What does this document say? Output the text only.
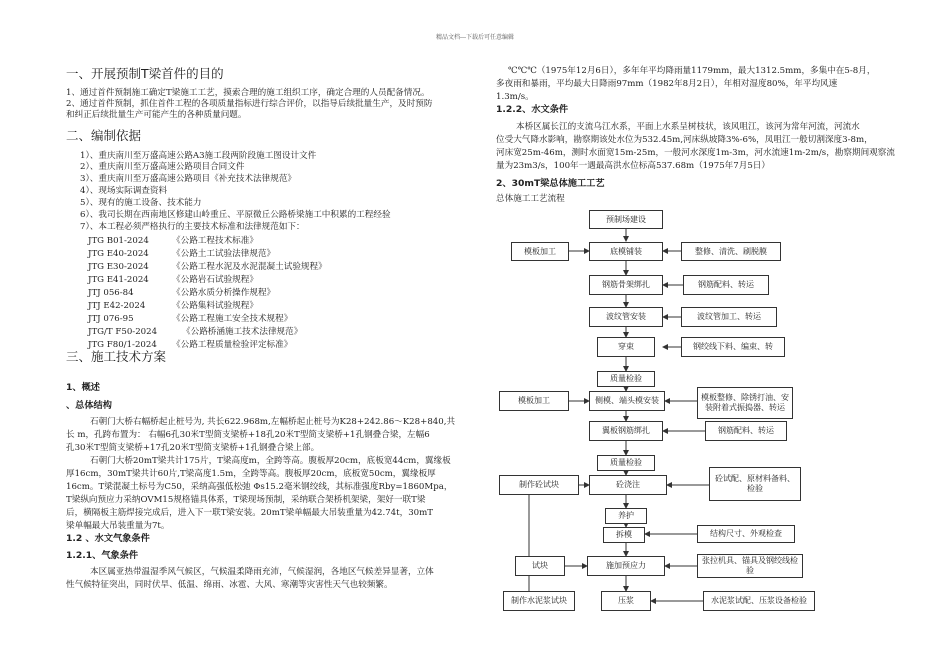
精品文档---下载后可任意编辑
一、开展预制T梁首件的目的
1、通过首件预制施工确定T梁施工工艺，摸索合理的施工组织工序，确定合理的人员配备情况。
2、通过首件预制，抓住首件工程的各项质量指标进行综合评价，以指导后续批量生产，及时预防
和纠正后续批量生产可能产生的各种质量问题。
二、编制依据
1）、重庆南川至万盛高速公路A3施工段两阶段施工图设计文件
2）、重庆南川至万盛高速公路项目合同文件
3）、重庆南川至万盛高速公路项目《补充技术法律规范》
4）、现场实际调查资料
5）、现有的施工设备、技术能力
6）、我司长期在西南地区修建山岭重丘、平原微丘公路桥梁施工中积累的工程经验
7）、本工程必须严格执行的主要技术标准和法律规范如下：
JTG B01-2024	《公路工程技术标准》
JTG E40-2024	《公路土工试验法律规范》
JTG E30-2024	《公路工程水泥及水泥混凝土试验规程》
JTG E41-2024	《公路岩石试验规程》
JTJ 056-84	《公路水质分析操作规程》
JTJ E42-2024	《公路集料试验规程》
JTJ 076-95	《公路工程施工安全技术规程》
JTG/T F50-2024	《公路桥涵施工技术法律规范》
JTG F80/1-2024 《公路工程质量检验评定标准》
三、施工技术方案
1、概述
、总体结构
石朝门大桥右幅桥起止桩号为, 共长622.968m,左幅桥起止桩号为K28+242.86～K28+840,共
长 m，孔跨布置为： 右幅6孔30米T型简支梁桥+18孔20米T型简支梁桥+1孔钢叠合梁，左幅6
孔30米T型简支梁桥+17孔20米T型简支梁桥+1孔钢叠合梁上部。
石朝门大桥20mT梁共计175片，T梁高度m，全跨等高。腹板厚20cm，底板宽44cm，翼缘板
厚16cm，30mT梁共计60片,T梁高度1.5m，全跨等高。腹板厚20cm，底板宽50cm，翼缘板厚
16cm。T梁混凝土标号为C50，采纳高强低松弛 Φs15.2毫米钢绞线，其标准强度Rby=1860Mpa，
T梁纵向预应力采纳OVM15规格锚具体系，T梁现场预制，采纳联合架桥机架梁，架好一联T梁
后，横隔板主筋焊接完成后，进入下一联T梁安装。20mT梁单幅最大吊装重量为42.74t，30mT
梁单幅最大吊装重量为7t。
1.2 、水文气象条件
1.2.1、气象条件
本区属亚热带温湿季风气候区，气候温柔降雨充沛，气候湿润，各地区气候差异显著，立体
性气候特征突出，同时伏旱、低温、绵雨、冰雹、大风、寒潮等灾害性天气也较频繁。
℃℃℃（1975年12月6日），多年年平均降雨量1179mm，最大1312.5mm，多集中在5-8月，
多夜雨和暴雨，平均最大日降雨97mm（1982年8月2日），年相对湿度80%，年平均风速
1.3m/s。
1.2.2、水文条件
本桥区属长江的支流乌江水系，平面上水系呈树枝状，该风咀江，该河为常年河流，河流水
位受大气降水影响，勘察期该处水位为532.45m,河床纵坡降3%-6%，凤咀江一般切割深度3-8m，
河床宽25m-46m，测时水面宽15m-25m，一般河水深度1m-3m，河水流速1m-2m/s，勘察期间观察流
量为23m3/s，100年一遇最高洪水位标高537.68m（1975年7月5日）
2、30mT梁总体施工工艺
总体施工工艺流程
预制场建设
底模铺装
模板加工	整修、清洗、刷脱膜
钢筋骨架绑扎	钢筋配料、转运
波纹管安装	波纹管加工、转运
穿束	钢绞线下料、编束、转
质量检验
侧模、端头模安装
模板加工	模板整修、除锈打油、安装附着式振捣器、转运
翼板钢筋绑扎	钢筋配料、转运
质量检验
砼浇注
制作砼试块
砼试配、原材料备料、检验
养护
拆模	结构尺寸、外观检查
施加预应力
试块
张拉机具、锚具及钢绞线检验
压浆
制作水泥浆试块	水泥浆试配、压浆设备检验
